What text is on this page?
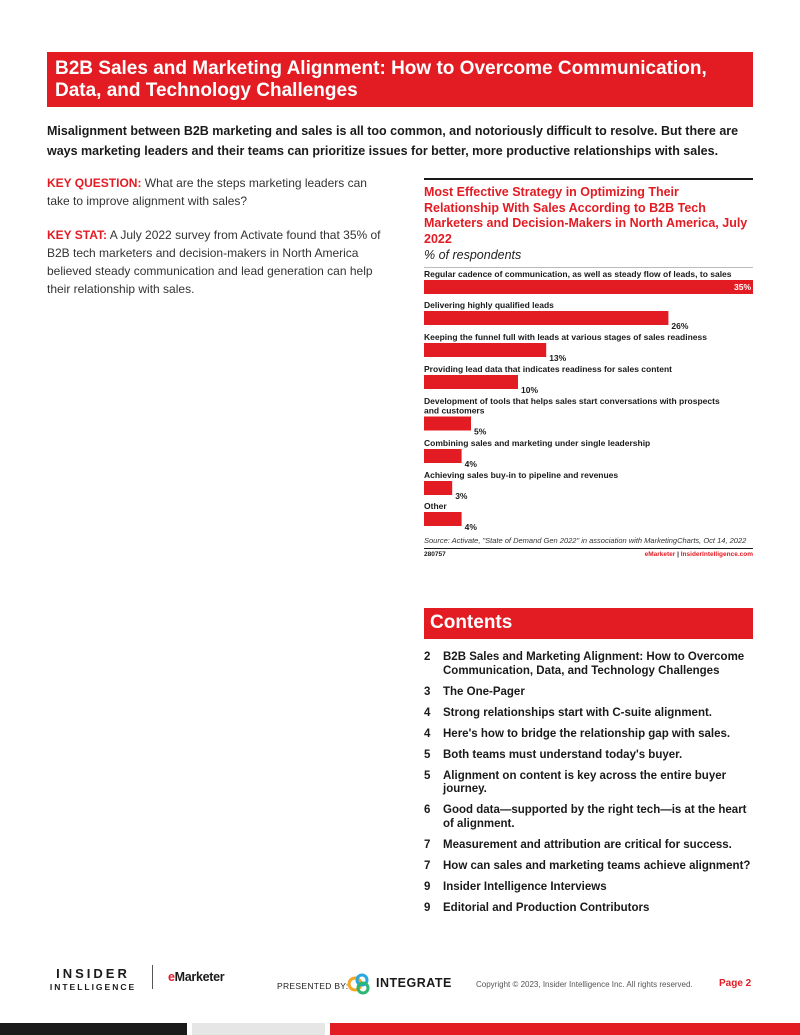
B2B Sales and Marketing Alignment: How to Overcome Communication, Data, and Technology Challenges
Misalignment between B2B marketing and sales is all too common, and notoriously difficult to resolve. But there are ways marketing leaders and their teams can prioritize issues for better, more productive relationships with sales.

KEY QUESTION: What are the steps marketing leaders can take to improve alignment with sales?

KEY STAT: A July 2022 survey from Activate found that 35% of B2B tech marketers and decision-makers in North America believed steady communication and lead generation can help their relationship with sales.

Most Effective Strategy in Optimizing Their Relationship With Sales According to B2B Tech Marketers and Decision-Makers in North America, July 2022
% of respondents
Regular cadence of communication, as well as steady flow of leads, to sales
35%
Delivering highly qualified leads
26%
Keeping the funnel full with leads at various stages of sales readiness
13%
Providing lead data that indicates readiness for sales content
10%
Development of tools that helps sales start conversations with prospects and customers
5%
Combining sales and marketing under single leadership
4%
Achieving sales buy-in to pipeline and revenues
3%
Other
4%
Source: Activate, "State of Demand Gen 2022" in association with MarketingCharts, Oct 14, 2022
280757	eMarketer | InsiderIntelligence.com
Contents
2	B2B Sales and Marketing Alignment: How to Overcome Communication, Data, and Technology Challenges
3	The One-Pager
4	Strong relationships start with C-suite alignment.
4	Here's how to bridge the relationship gap with sales.
5	Both teams must understand today's buyer.
5	Alignment on content is key across the entire buyer journey.
6	Good data—supported by the right tech—is at the heart of alignment.
7	Measurement and attribution are critical for success.
7	How can sales and marketing teams achieve alignment?
9	Insider Intelligence Interviews
9	Editorial and Production Contributors
INSIDER
INTELLIGENCE
eMarketer
PRESENTED BY: INTEGRATE	Copyright © 2023, Insider Intelligence Inc. All rights reserved.	Page 2
